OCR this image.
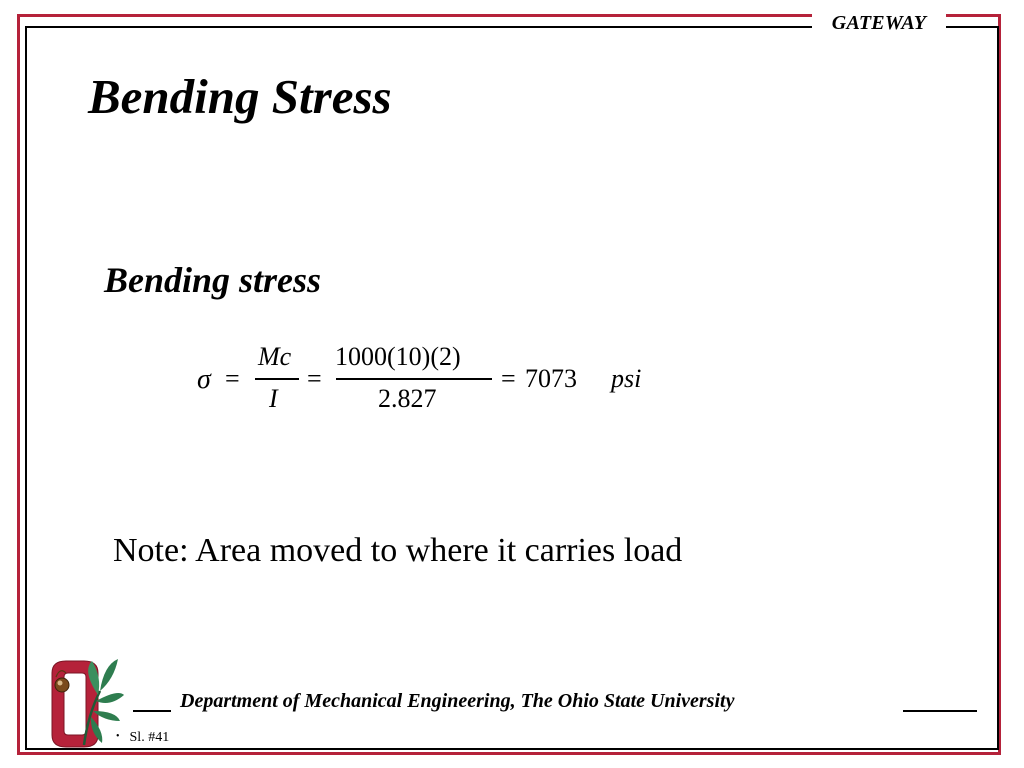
GATEWAY
Bending Stress
Bending stress
σ =
Mc
I
=
1000(10)(2)
2.827
= 7073 psi
Note: Area moved to where it carries load
Department of Mechanical Engineering, The Ohio State University
• Sl. #41
